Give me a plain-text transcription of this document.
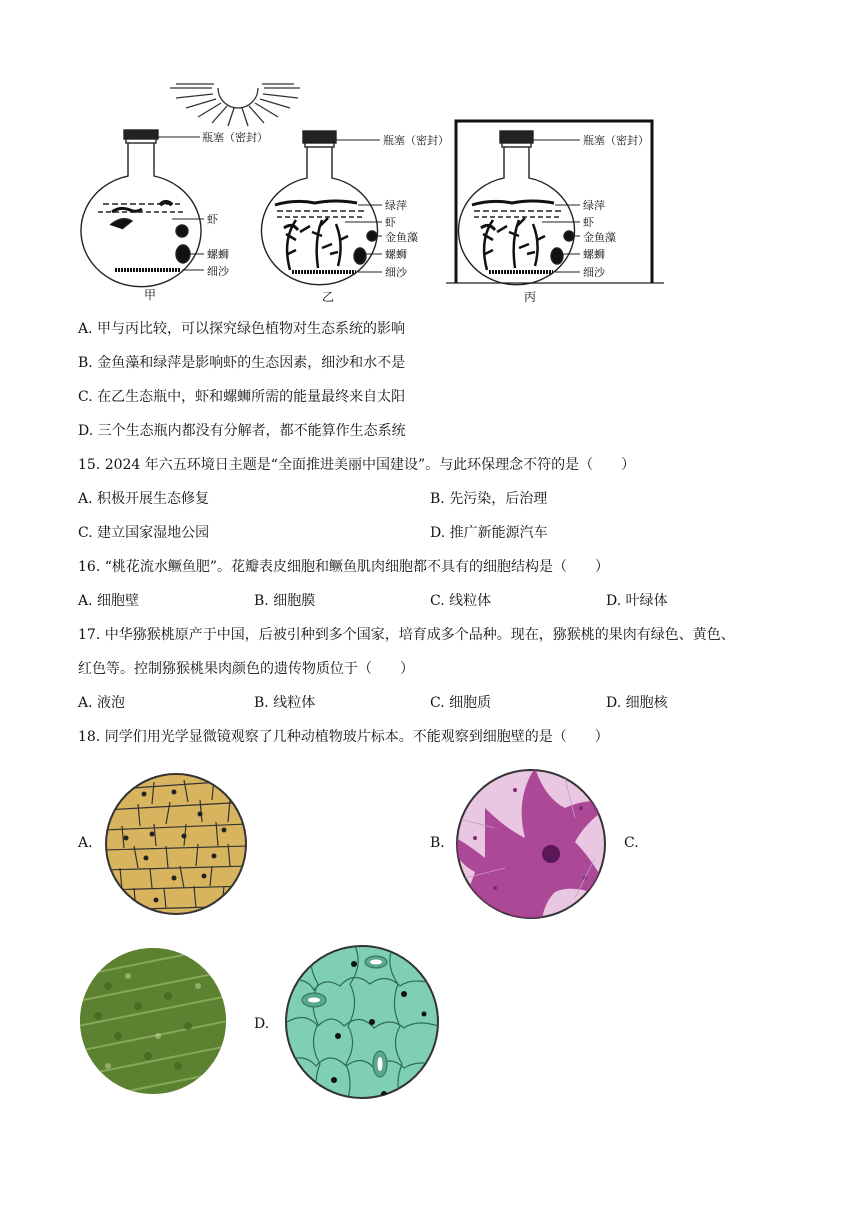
瓶塞（密封）
虾
螺蛳
细沙
瓶塞（密封）
绿萍
虾
金鱼藻
螺蛳
细沙
瓶塞（密封）
绿萍
虾
金鱼藻
螺蛳
细沙
甲	乙	丙
A. 甲与丙比较，可以探究绿色植物对生态系统的影响
B. 金鱼藻和绿萍是影响虾的生态因素，细沙和水不是
C. 在乙生态瓶中，虾和螺蛳所需的能量最终来自太阳
D. 三个生态瓶内都没有分解者，都不能算作生态系统
15. 2024 年六五环境日主题是“全面推进美丽中国建设”。与此环保理念不符的是（　　）
A. 积极开展生态修复	B. 先污染，后治理
C. 建立国家湿地公园	D. 推广新能源汽车
16. “桃花流水鳜鱼肥”。花瓣表皮细胞和鳜鱼肌肉细胞都不具有的细胞结构是（　　）
A. 细胞壁	B. 细胞膜	C. 线粒体	D. 叶绿体
17. 中华猕猴桃原产于中国，后被引种到多个国家，培育成多个品种。现在，猕猴桃的果肉有绿色、黄色、
红色等。控制猕猴桃果肉颜色的遗传物质位于（　　）
A. 液泡	B. 线粒体	C. 细胞质	D. 细胞核
18. 同学们用光学显微镜观察了几种动植物玻片标本。不能观察到细胞壁的是（　　）
A.	B.	C.
D.
